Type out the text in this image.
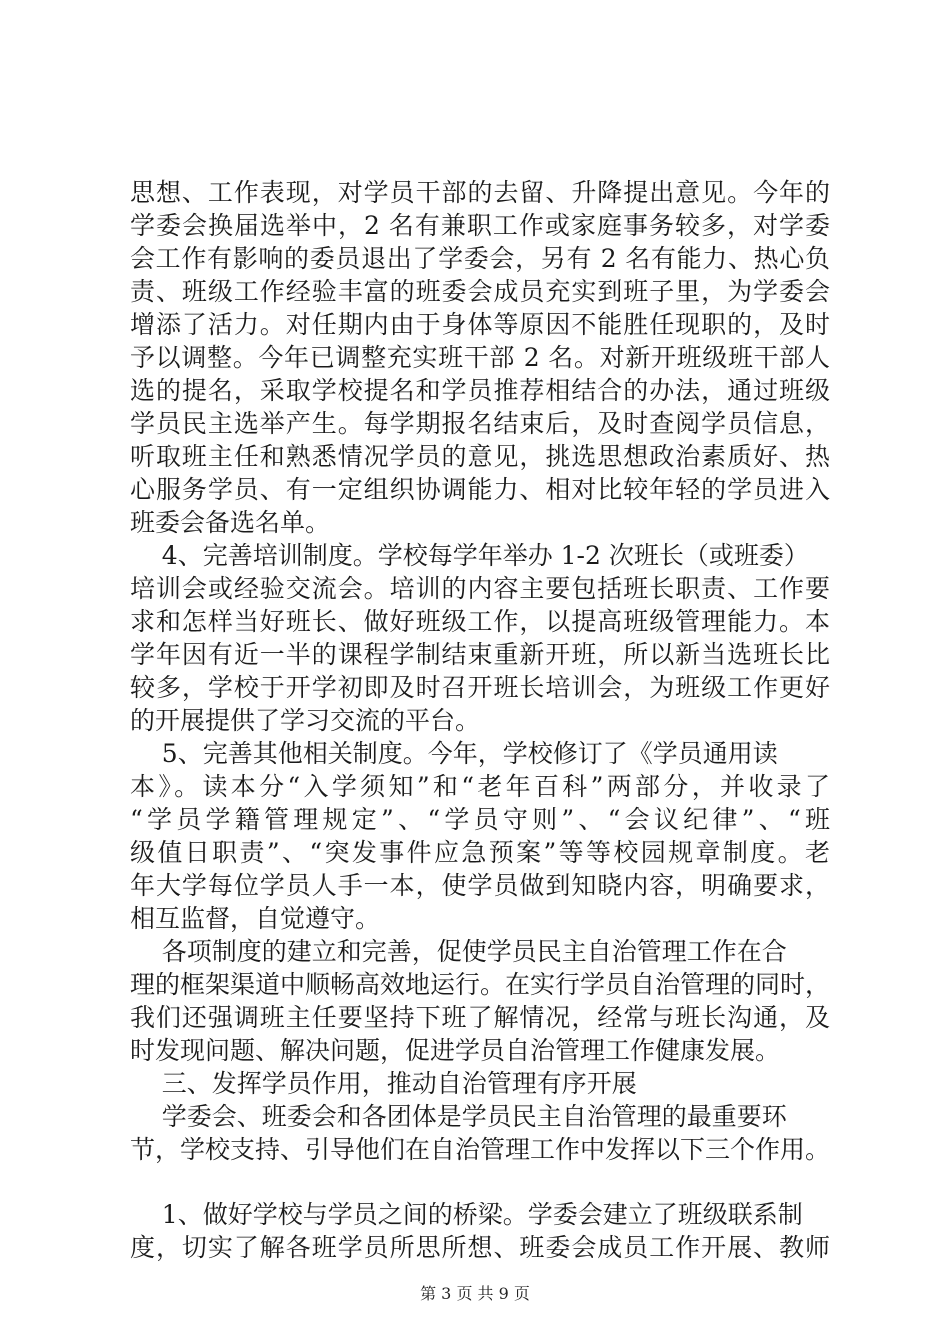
思想、工作表现，对学员干部的去留、升降提出意见。今年的
学委会换届选举中，2 名有兼职工作或家庭事务较多，对学委
会工作有影响的委员退出了学委会，另有 2 名有能力、热心负
责、班级工作经验丰富的班委会成员充实到班子里，为学委会
增添了活力。对任期内由于身体等原因不能胜任现职的，及时
予以调整。今年已调整充实班干部 2 名。对新开班级班干部人
选的提名，采取学校提名和学员推荐相结合的办法，通过班级
学员民主选举产生。每学期报名结束后，及时查阅学员信息，
听取班主任和熟悉情况学员的意见，挑选思想政治素质好、热
心服务学员、有一定组织协调能力、相对比较年轻的学员进入
班委会备选名单。
4、完善培训制度。学校每学年举办 1-2 次班长（或班委）
培训会或经验交流会。培训的内容主要包括班长职责、工作要
求和怎样当好班长、做好班级工作，以提高班级管理能力。本
学年因有近一半的课程学制结束重新开班，所以新当选班长比
较多，学校于开学初即及时召开班长培训会，为班级工作更好
的开展提供了学习交流的平台。
5、完善其他相关制度。今年，学校修订了《学员通用读
本》。读本分“入学须知”和“老年百科”两部分，并收录了
“学员学籍管理规定”、“学员守则”、“会议纪律”、“班
级值日职责”、“突发事件应急预案”等等校园规章制度。老
年大学每位学员人手一本，使学员做到知晓内容，明确要求，
相互监督，自觉遵守。
各项制度的建立和完善，促使学员民主自治管理工作在合
理的框架渠道中顺畅高效地运行。在实行学员自治管理的同时，
我们还强调班主任要坚持下班了解情况，经常与班长沟通，及
时发现问题、解决问题，促进学员自治管理工作健康发展。
三、发挥学员作用，推动自治管理有序开展
学委会、班委会和各团体是学员民主自治管理的最重要环
节，学校支持、引导他们在自治管理工作中发挥以下三个作用。
1、做好学校与学员之间的桥梁。学委会建立了班级联系制
度，切实了解各班学员所思所想、班委会成员工作开展、教师
第 3 页 共 9 页
